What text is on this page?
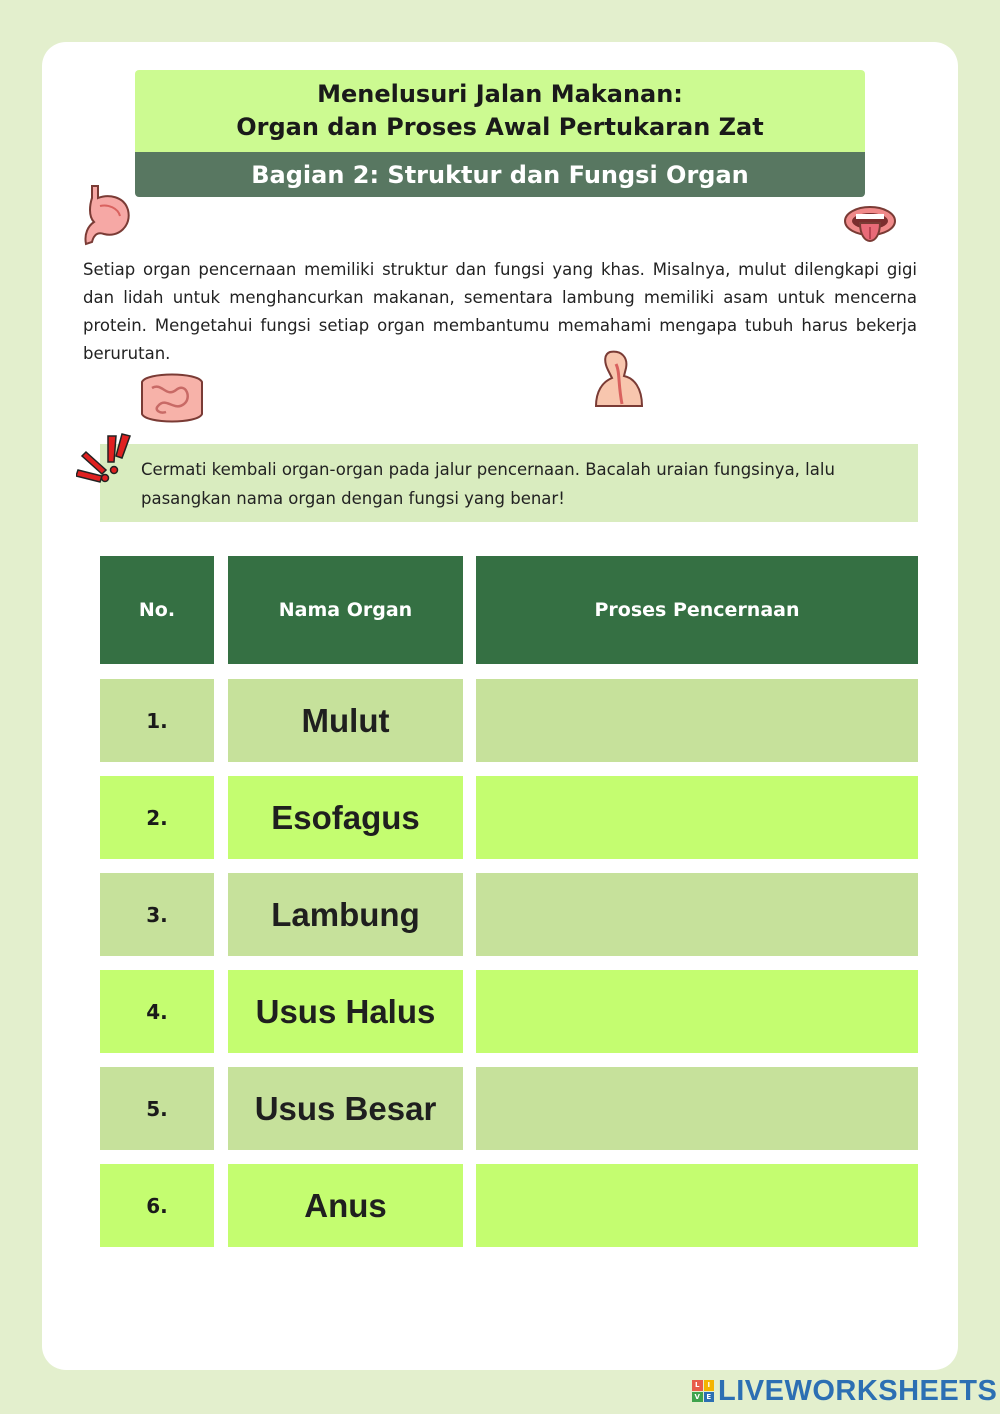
Menelusuri Jalan Makanan:
Organ dan Proses Awal Pertukaran Zat
Bagian 2: Struktur dan Fungsi Organ
Setiap organ pencernaan memiliki struktur dan fungsi yang khas. Misalnya, mulut dilengkapi gigi dan lidah untuk menghancurkan makanan, sementara lambung memiliki asam untuk mencerna protein. Mengetahui fungsi setiap organ membantumu memahami mengapa tubuh harus bekerja berurutan.
Cermati kembali organ-organ pada jalur pencernaan. Bacalah uraian fungsinya, lalu pasangkan nama organ dengan fungsi yang benar!
No.	Nama Organ	Proses Pencernaan
1.	Mulut
2.	Esofagus
3.	Lambung
4.	Usus Halus
5.	Usus Besar
6.	Anus
L	I
V E LIVEWORKSHEETS
